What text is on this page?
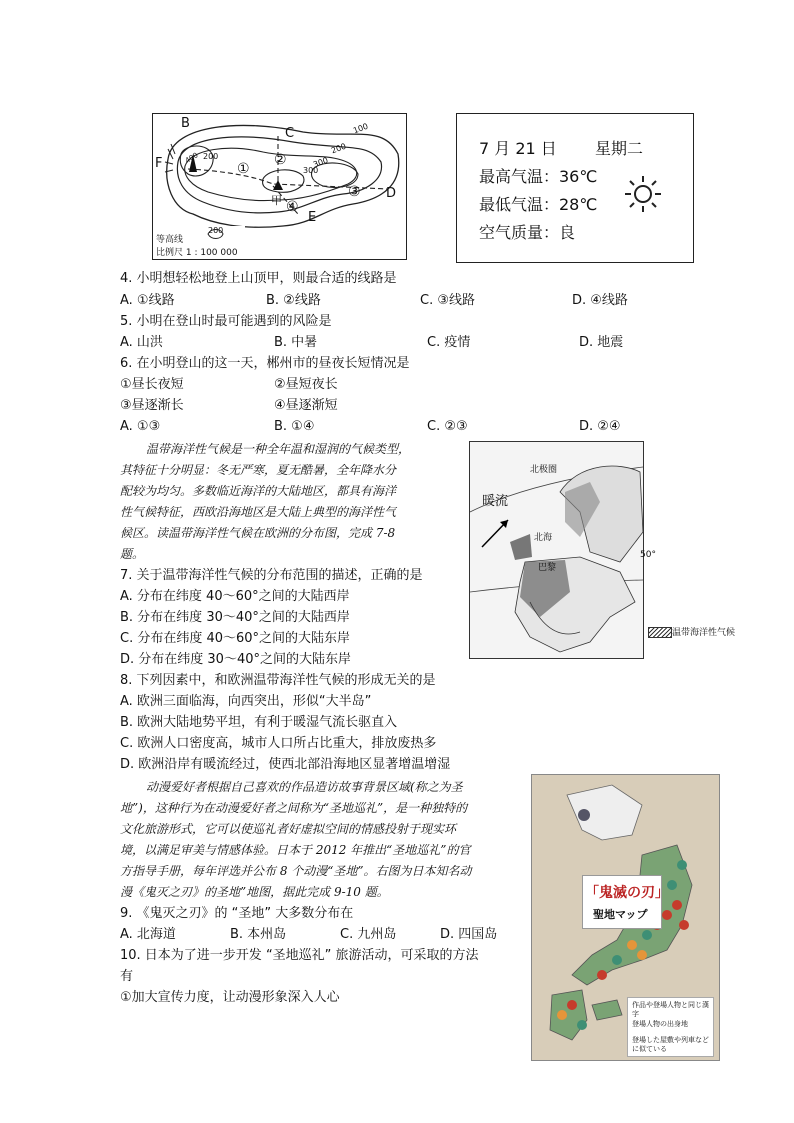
B
C
D
E
F
甲
①
②
③
④
100
200
300
400
300
200
等高线
200
比例尺 1 : 100 000
7 月 21 日 星期二
最高气温：36℃
最低气温：28℃
空气质量：良
4. 小明想轻松地登上山顶甲，则最合适的线路是
A. ①线路	B. ②线路	C. ③线路	D. ④线路
5. 小明在登山时最可能遇到的风险是
A. 山洪	B. 中暑	C. 疫情	D. 地震
6. 在小明登山的这一天，郴州市的昼夜长短情况是
①昼长夜短	②昼短夜长
③昼逐渐长	④昼逐渐短
A. ①③	B. ①④	C. ②③	D. ②④
温带海洋性气候是一种全年温和湿润的气候类型，
其特征十分明显：冬无严寒，夏无酷暑，全年降水分
配较为均匀。多数临近海洋的大陆地区，都具有海洋
性气候特征，西欧沿海地区是大陆上典型的海洋性气
候区。读温带海洋性气候在欧洲的分布图，完成 7-8
题。
北极圈
暖流
北海
巴黎
50°
温带海洋性气候
7. 关于温带海洋性气候的分布范围的描述，正确的是
A. 分布在纬度 40～60°之间的大陆西岸
B. 分布在纬度 30～40°之间的大陆西岸
C. 分布在纬度 40～60°之间的大陆东岸
D. 分布在纬度 30～40°之间的大陆东岸
8. 下列因素中，和欧洲温带海洋性气候的形成无关的是
A. 欧洲三面临海，向西突出，形似“大半岛”
B. 欧洲大陆地势平坦，有利于暖湿气流长驱直入
C. 欧洲人口密度高，城市人口所占比重大，排放废热多
D. 欧洲沿岸有暖流经过，使西北部沿海地区显著增温增湿
动漫爱好者根据自己喜欢的作品造访故事背景区域(称之为圣
地”)，这种行为在动漫爱好者之间称为“圣地巡礼”，是一种独特的
文化旅游形式，它可以使巡礼者好虚拟空间的情感投射于现实环
境，以满足审美与情感体验。日本于 2012 年推出“圣地巡礼”的官
方指导手册，每年评选并公布 8 个动漫“圣地”。右图为日本知名动
漫《鬼灭之刃》的圣地”地图，据此完成 9-10 题。	「鬼滅の刃」
聖地マップ
作品や登場人物と同じ漢字
登場人物の出身地
登場した屋敷や列車などに似ている
9. 《鬼灭之刃》的 “圣地” 大多数分布在
A. 北海道	B. 本州岛	C. 九州岛	D. 四国岛
10. 日本为了进一步开发 “圣地巡礼” 旅游活动，可采取的方法
有
①加大宣传力度，让动漫形象深入人心
